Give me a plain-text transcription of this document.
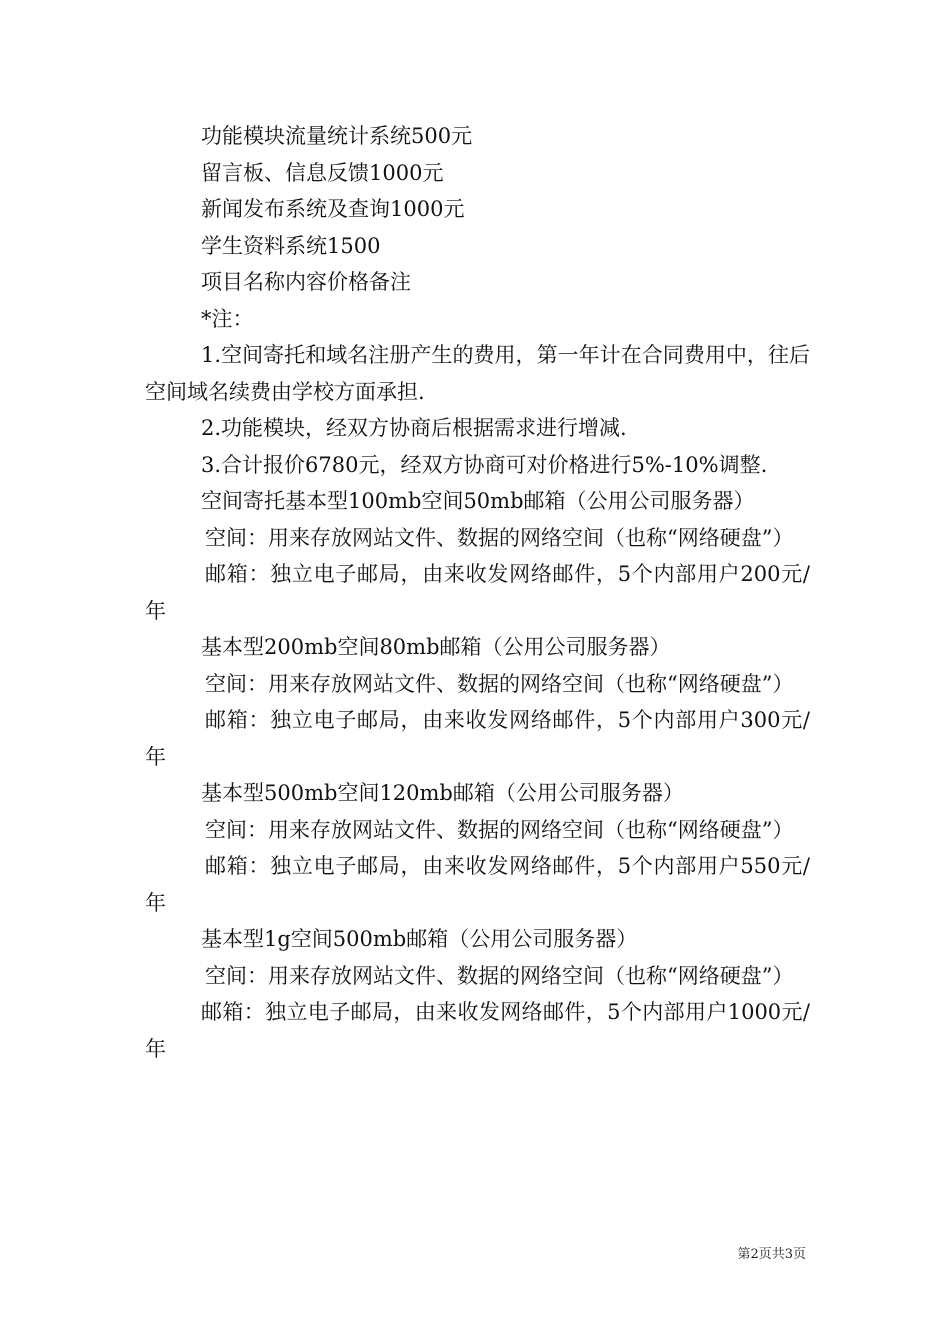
功能模块流量统计系统500元

留言板、信息反馈1000元

新闻发布系统及查询1000元

学生资料系统1500

项目名称内容价格备注

*注：

1.空间寄托和域名注册产生的费用，第一年计在合同费用中，往后空间域名续费由学校方面承担.

2.功能模块，经双方协商后根据需求进行增减.

3.合计报价6780元，经双方协商可对价格进行5%-10%调整.

空间寄托基本型100mb空间50mb邮箱（公用公司服务器）

空间：用来存放网站文件、数据的网络空间（也称“网络硬盘”）

邮箱：独立电子邮局，由来收发网络邮件，5个内部用户200元/年

基本型200mb空间80mb邮箱（公用公司服务器）

空间：用来存放网站文件、数据的网络空间（也称“网络硬盘”）

邮箱：独立电子邮局，由来收发网络邮件，5个内部用户300元/年

基本型500mb空间120mb邮箱（公用公司服务器）

空间：用来存放网站文件、数据的网络空间（也称“网络硬盘”）

邮箱：独立电子邮局，由来收发网络邮件，5个内部用户550元/年

基本型1g空间500mb邮箱（公用公司服务器）

空间：用来存放网站文件、数据的网络空间（也称“网络硬盘”）

邮箱：独立电子邮局，由来收发网络邮件，5个内部用户1000元/年

第2页共3页
